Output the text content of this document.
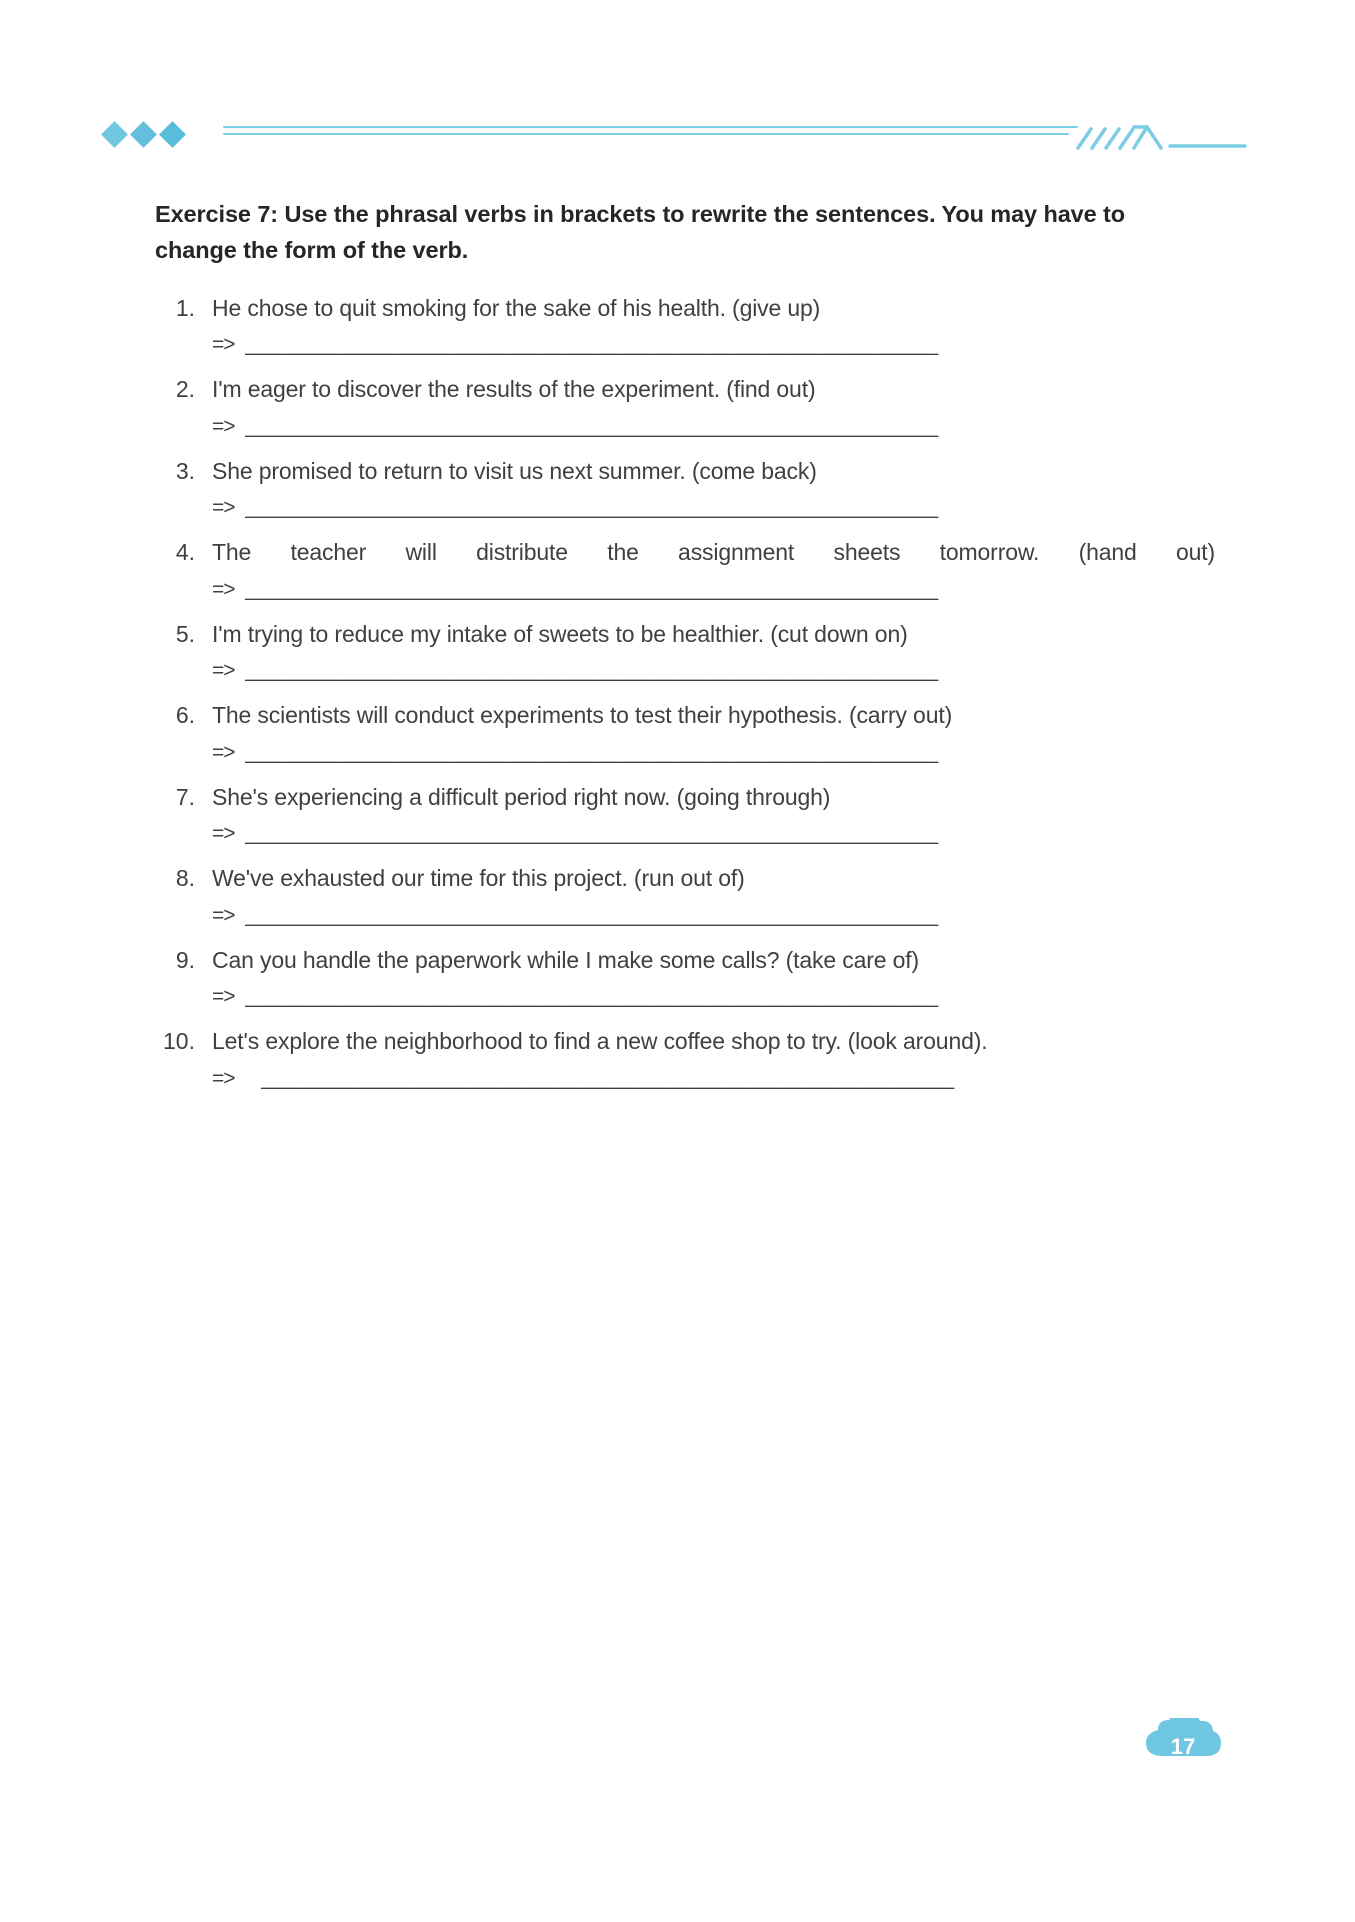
Exercise 7: Use the phrasal verbs in brackets to rewrite the sentences. You may have to change the form of the verb.
1. He chose to quit smoking for the sake of his health. (give up)
=> ______________________________________________________________
2. I'm eager to discover the results of the experiment. (find out)
=> ______________________________________________________________
3. She promised to return to visit us next summer. (come back)
=> ______________________________________________________________
4. The teacher will distribute the assignment sheets tomorrow. (hand out)
=> ______________________________________________________________
5. I'm trying to reduce my intake of sweets to be healthier. (cut down on)
=> ______________________________________________________________
6. The scientists will conduct experiments to test their hypothesis. (carry out)
=> ______________________________________________________________
7. She's experiencing a difficult period right now. (going through)
=> ______________________________________________________________
8. We've exhausted our time for this project. (run out of)
=> ______________________________________________________________
9. Can you handle the paperwork while I make some calls? (take care of)
=> ______________________________________________________________
10. Let's explore the neighborhood to find a new coffee shop to try. (look around).
=> ______________________________________________________________
17
